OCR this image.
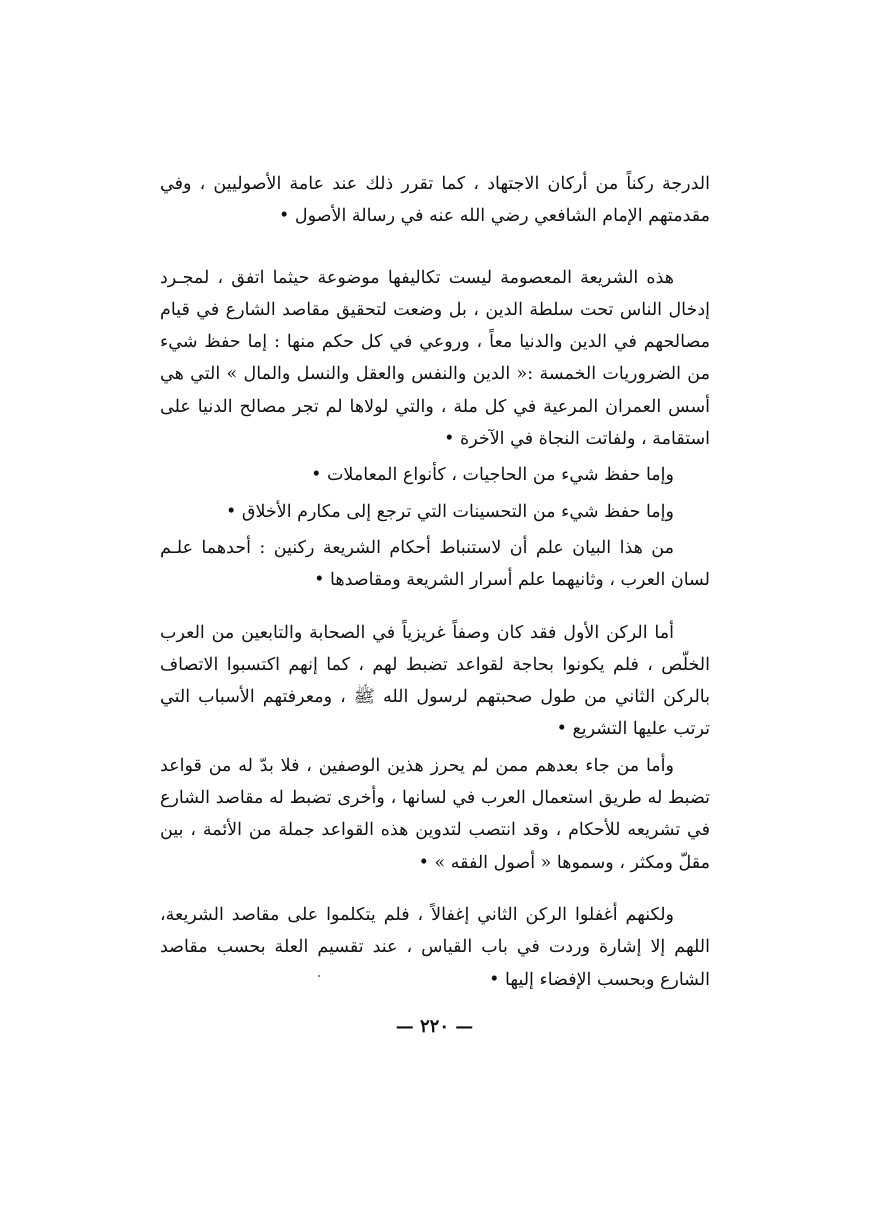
الدرجة ركناً من أركان الاجتهاد ، كما تقرر ذلك عند عامة الأصوليين ، وفي مقدمتهم الإمام الشافعي رضي الله عنه في رسالة الأصول •

هذه الشريعة المعصومة ليست تكاليفها موضوعة حيثما اتفق ، لمجـرد إدخال الناس تحت سلطة الدين ، بل وضعت لتحقيق مقاصد الشارع في قيام مصالحهم في الدين والدنيا معاً ، وروعي في كل حكم منها : إما حفظ شيء من الضروريات الخمسة :« الدين والنفس والعقل والنسل والمال » التي هي أسس العمران المرعية في كل ملة ، والتي لولاها لم تجر مصالح الدنيا على استقامة ، ولفاتت النجاة في الآخرة •

وإما حفظ شيء من الحاجيات ، كأنواع المعاملات •

وإما حفظ شيء من التحسينات التي ترجع إلى مكارم الأخلاق •

من هذا البيان علم أن لاستنباط أحكام الشريعة ركنين : أحدهما علـم لسان العرب ، وثانيهما علم أسرار الشريعة ومقاصدها •

أما الركن الأول فقد كان وصفاً غريزياً في الصحابة والتابعين من العرب الخلّص ، فلم يكونوا بحاجة لقواعد تضبط لهم ، كما إنهم اكتسبوا الاتصاف بالركن الثاني من طول صحبتهم لرسول الله ﷺ ، ومعرفتهم الأسباب التي ترتب عليها التشريع •

وأما من جاء بعدهم ممن لم يحرز هذين الوصفين ، فلا بدّ له من قواعد تضبط له طريق استعمال العرب في لسانها ، وأخرى تضبط له مقاصد الشارع في تشريعه للأحكام ، وقد انتصب لتدوين هذه القواعد جملة من الأئمة ، بين مقلّ ومكثر ، وسموها « أصول الفقه » •

ولكنهم أغفلوا الركن الثاني إغفالاً ، فلم يتكلموا على مقاصد الشريعة، اللهم إلا إشارة وردت في باب القياس ، عند تقسيم العلة بحسب مقاصد الشارع وبحسب الإفضاء إليها •

— ٢٢٠ —
